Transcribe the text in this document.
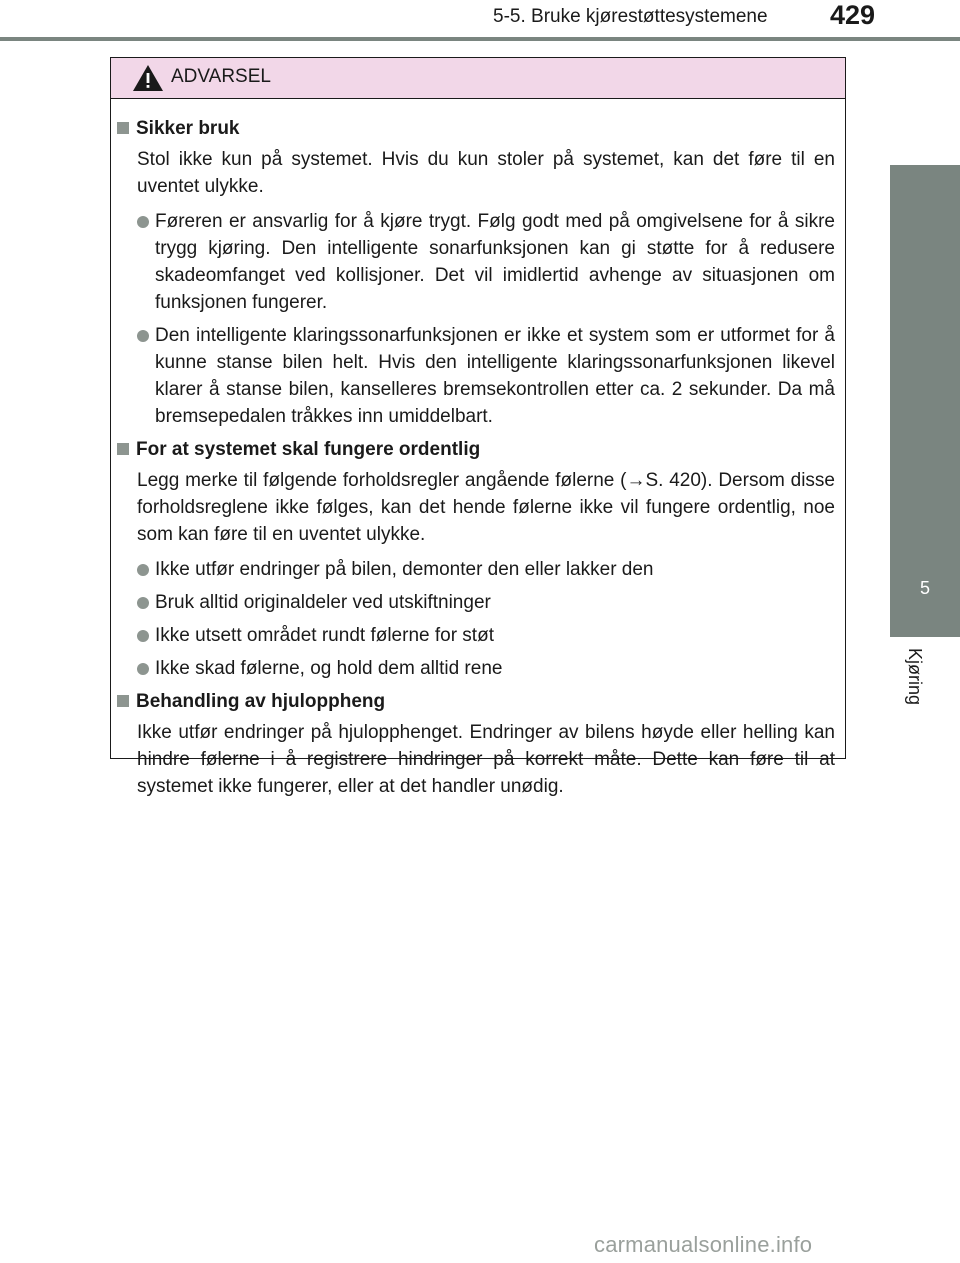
5-5. Bruke kjørestøttesystemene 429
5
Kjøring
ADVARSEL
Sikker bruk

Stol ikke kun på systemet. Hvis du kun stoler på systemet, kan det føre til en uventet ulykke.

Føreren er ansvarlig for å kjøre trygt. Følg godt med på omgivelsene for å sikre trygg kjøring. Den intelligente sonarfunksjonen kan gi støtte for å redusere skadeomfanget ved kollisjoner. Det vil imidlertid avhenge av situasjonen om funksjonen fungerer.
Den intelligente klaringssonarfunksjonen er ikke et system som er utformet for å kunne stanse bilen helt. Hvis den intelligente klaringssonarfunksjonen likevel klarer å stanse bilen, kanselleres bremsekontrollen etter ca. 2 sekunder. Da må bremsepedalen tråkkes inn umiddelbart.
For at systemet skal fungere ordentlig

Legg merke til følgende forholdsregler angående følerne (→S. 420). Dersom disse forholdsreglene ikke følges, kan det hende følerne ikke vil fungere ordentlig, noe som kan føre til en uventet ulykke.

Ikke utfør endringer på bilen, demonter den eller lakker den
Bruk alltid originaldeler ved utskiftninger
Ikke utsett området rundt følerne for støt
Ikke skad følerne, og hold dem alltid rene
Behandling av hjuloppheng

Ikke utfør endringer på hjulopphenget. Endringer av bilens høyde eller helling kan hindre følerne i å registrere hindringer på korrekt måte. Dette kan føre til at systemet ikke fungerer, eller at det handler unødig.

carmanualsonline.info
